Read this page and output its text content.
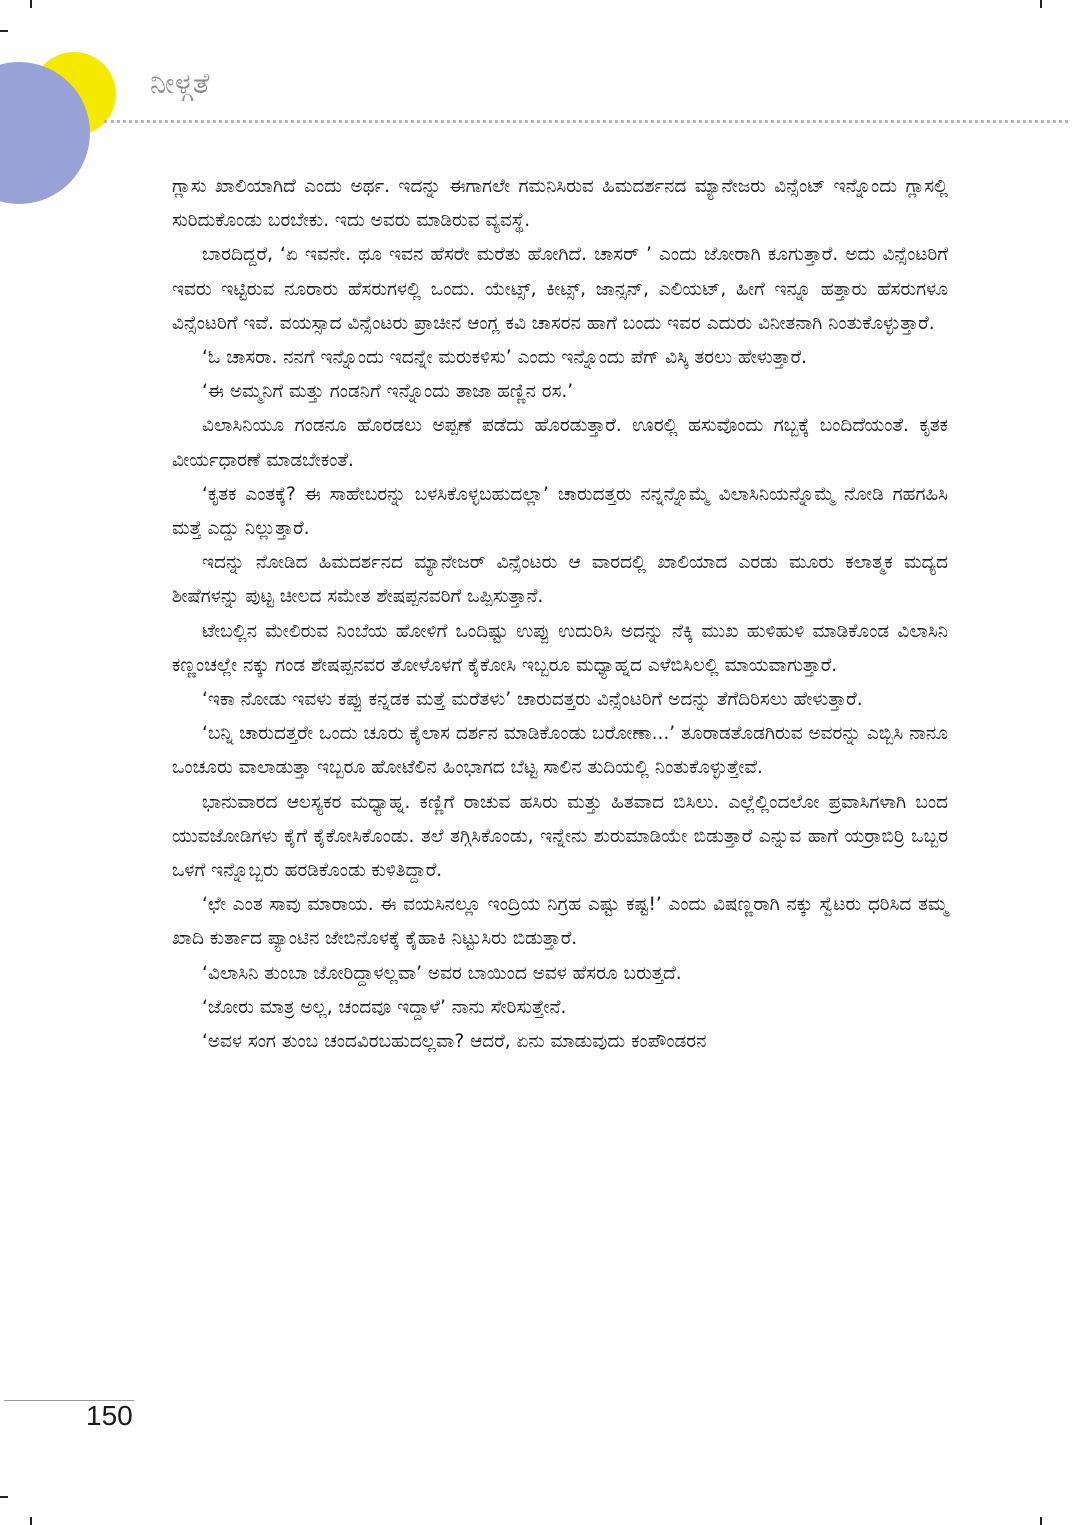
ನೀಳ್ಗತೆ

ಗ್ಲಾಸು ಖಾಲಿಯಾಗಿದೆ ಎಂದು ಅರ್ಥ. ಇದನ್ನು ಈಗಾಗಲೇ ಗಮನಿಸಿರುವ ಹಿಮದರ್ಶನದ ಮ್ಯಾನೇಜರು ವಿನ್ಸೆಂಟ್ ಇನ್ನೊಂದು ಗ್ಲಾಸಲ್ಲಿ ಸುರಿದುಕೊಂಡು ಬರಬೇಕು. ಇದು ಅವರು ಮಾಡಿರುವ ವ್ಯವಸ್ಥೆ.

ಬಾರದಿದ್ದರೆ, ‘ಏ ಇವನೇ. ಥೂ ಇವನ ಹೆಸರೇ ಮರೆತು ಹೋಗಿದೆ. ಚಾಸರ್ ’ ಎಂದು ಜೋರಾಗಿ ಕೂಗುತ್ತಾರೆ. ಅದು ವಿನ್ಸೆಂಟರಿಗೆ ಇವರು ಇಟ್ಟಿರುವ ನೂರಾರು ಹೆಸರುಗಳಲ್ಲಿ ಒಂದು. ಯೇಟ್ಸ್, ಕೀಟ್ಸ್, ಜಾನ್ಸನ್, ಎಲಿಯಟ್, ಹೀಗೆ ಇನ್ನೂ ಹತ್ತಾರು ಹೆಸರುಗಳೂ ವಿನ್ಸೆಂಟರಿಗೆ ಇವೆ. ವಯಸ್ಸಾದ ವಿನ್ಸೆಂಟರು ಪ್ರಾಚೀನ ಆಂಗ್ಲ ಕವಿ ಚಾಸರನ ಹಾಗೆ ಬಂದು ಇವರ ಎದುರು ವಿನೀತನಾಗಿ ನಿಂತುಕೊಳ್ಳುತ್ತಾರೆ.

‘ಓ ಚಾಸರಾ. ನನಗೆ ಇನ್ನೊಂದು ಇದನ್ನೇ ಮರುಕಳಿಸು’ ಎಂದು ಇನ್ನೊಂದು ಪೆಗ್ ವಿಸ್ಕಿ ತರಲು ಹೇಳುತ್ತಾರೆ.

‘ಈ ಅಮ್ಮನಿಗೆ ಮತ್ತು ಗಂಡನಿಗೆ ಇನ್ನೊಂದು ತಾಜಾ ಹಣ್ಣಿನ ರಸ.’

ವಿಲಾಸಿನಿಯೂ ಗಂಡನೂ ಹೊರಡಲು ಅಪ್ಪಣೆ ಪಡೆದು ಹೊರಡುತ್ತಾರೆ. ಊರಲ್ಲಿ ಹಸುವೊಂದು ಗಬ್ಬಕ್ಕೆ ಬಂದಿದೆಯಂತೆ. ಕೃತಕ ವೀರ್ಯಧಾರಣೆ ಮಾಡಬೇಕಂತೆ.

‘ಕೃತಕ ಎಂತಕ್ಕೆ? ಈ ಸಾಹೇಬರನ್ನು ಬಳಸಿಕೊಳ್ಳಬಹುದಲ್ಲಾ’ ಚಾರುದತ್ತರು ನನ್ನನ್ನೊಮ್ಮೆ ವಿಲಾಸಿನಿಯನ್ನೊಮ್ಮೆ ನೋಡಿ ಗಹಗಹಿಸಿ ಮತ್ತೆ ಎದ್ದು ನಿಲ್ಲುತ್ತಾರೆ.

ಇದನ್ನು ನೋಡಿದ ಹಿಮದರ್ಶನದ ಮ್ಯಾನೇಜರ್ ವಿನ್ಸೆಂಟರು ಆ ವಾರದಲ್ಲಿ ಖಾಲಿಯಾದ ಎರಡು ಮೂರು ಕಲಾತ್ಮಕ ಮದ್ಯದ ಶೀಷೆಗಳನ್ನು ಪುಟ್ಟ ಚೀಲದ ಸಮೇತ ಶೇಷಪ್ಪನವರಿಗೆ ಒಪ್ಪಿಸುತ್ತಾನೆ.

ಟೇಬಲ್ಲಿನ ಮೇಲಿರುವ ನಿಂಬೆಯ ಹೋಳಿಗೆ ಒಂದಿಷ್ಟು ಉಪ್ಪು ಉದುರಿಸಿ ಅದನ್ನು ನೆಕ್ಕಿ ಮುಖ ಹುಳಿಹುಳಿ ಮಾಡಿಕೊಂಡ ವಿಲಾಸಿನಿ ಕಣ್ಣಂಚಲ್ಲೇ ನಕ್ಕು ಗಂಡ ಶೇಷಪ್ಪನವರ ತೋಳೊಳಗೆ ಕೈಕೋಸಿ ಇಬ್ಬರೂ ಮಧ್ಯಾಹ್ನದ ಎಳೆಬಿಸಿಲಲ್ಲಿ ಮಾಯವಾಗುತ್ತಾರೆ.

‘ಇಕಾ ನೋಡು ಇವಳು ಕಪ್ಪು ಕನ್ನಡಕ ಮತ್ತೆ ಮರೆತಳು’ ಚಾರುದತ್ತರು ವಿನ್ಸೆಂಟರಿಗೆ ಅದನ್ನು ತೆಗೆದಿರಿಸಲು ಹೇಳುತ್ತಾರೆ.

‘ಬನ್ನಿ ಚಾರುದತ್ತರೇ ಒಂದು ಚೂರು ಕೈಲಾಸ ದರ್ಶನ ಮಾಡಿಕೊಂಡು ಬರೋಣಾ...’ ತೂರಾಡತೊಡಗಿರುವ ಅವರನ್ನು ಎಬ್ಬಿಸಿ ನಾನೂ ಒಂಚೂರು ವಾಲಾಡುತ್ತಾ ಇಬ್ಬರೂ ಹೋಟೆಲಿನ ಹಿಂಭಾಗದ ಬೆಟ್ಟ ಸಾಲಿನ ತುದಿಯಲ್ಲಿ ನಿಂತುಕೊಳ್ಳುತ್ತೇವೆ.

ಭಾನುವಾರದ ಆಲಸ್ಯಕರ ಮಧ್ಯಾಹ್ನ. ಕಣ್ಣಿಗೆ ರಾಚುವ ಹಸಿರು ಮತ್ತು ಹಿತವಾದ ಬಿಸಿಲು. ಎಲ್ಲೆಲ್ಲಿಂದಲೋ ಪ್ರವಾಸಿಗಳಾಗಿ ಬಂದ ಯುವಜೋಡಿಗಳು ಕೈಗೆ ಕೈಕೋಸಿಕೊಂಡು. ತಲೆ ತಗ್ಗಿಸಿಕೊಂಡು, ಇನ್ನೇನು ಶುರುಮಾಡಿಯೇ ಬಿಡುತ್ತಾರೆ ಎನ್ನುವ ಹಾಗೆ ಯರ್ರಾಬಿರ್ರಿ ಒಬ್ಬರ ಒಳಗೆ ಇನ್ನೊಬ್ಬರು ಹರಡಿಕೊಂಡು ಕುಳಿತಿದ್ದಾರೆ.

‘ಛೇ ಎಂತ ಸಾವು ಮಾರಾಯ. ಈ ವಯಸಿನಲ್ಲೂ ಇಂದ್ರಿಯ ನಿಗ್ರಹ ಎಷ್ಟು ಕಷ್ಟ!’ ಎಂದು ವಿಷಣ್ಣರಾಗಿ ನಕ್ಕು ಸ್ವೆಟರು ಧರಿಸಿದ ತಮ್ಮ ಖಾದಿ ಕುರ್ತಾದ ಪ್ಯಾಂಟಿನ ಜೇಬಿನೊಳಕ್ಕೆ ಕೈಹಾಕಿ ನಿಟ್ಟುಸಿರು ಬಿಡುತ್ತಾರೆ.

‘ವಿಲಾಸಿನಿ ತುಂಬಾ ಜೋರಿದ್ದಾಳಲ್ಲವಾ’ ಅವರ ಬಾಯಿಂದ ಅವಳ ಹೆಸರೂ ಬರುತ್ತದೆ.

‘ಜೋರು ಮಾತ್ರ ಅಲ್ಲ, ಚಂದವೂ ಇದ್ದಾಳೆ’ ನಾನು ಸೇರಿಸುತ್ತೇನೆ.

‘ಅವಳ ಸಂಗ ತುಂಬ ಚಂದವಿರಬಹುದಲ್ಲವಾ? ಆದರೆ, ಏನು ಮಾಡುವುದು ಕಂಪೌಂಡರನ

150
